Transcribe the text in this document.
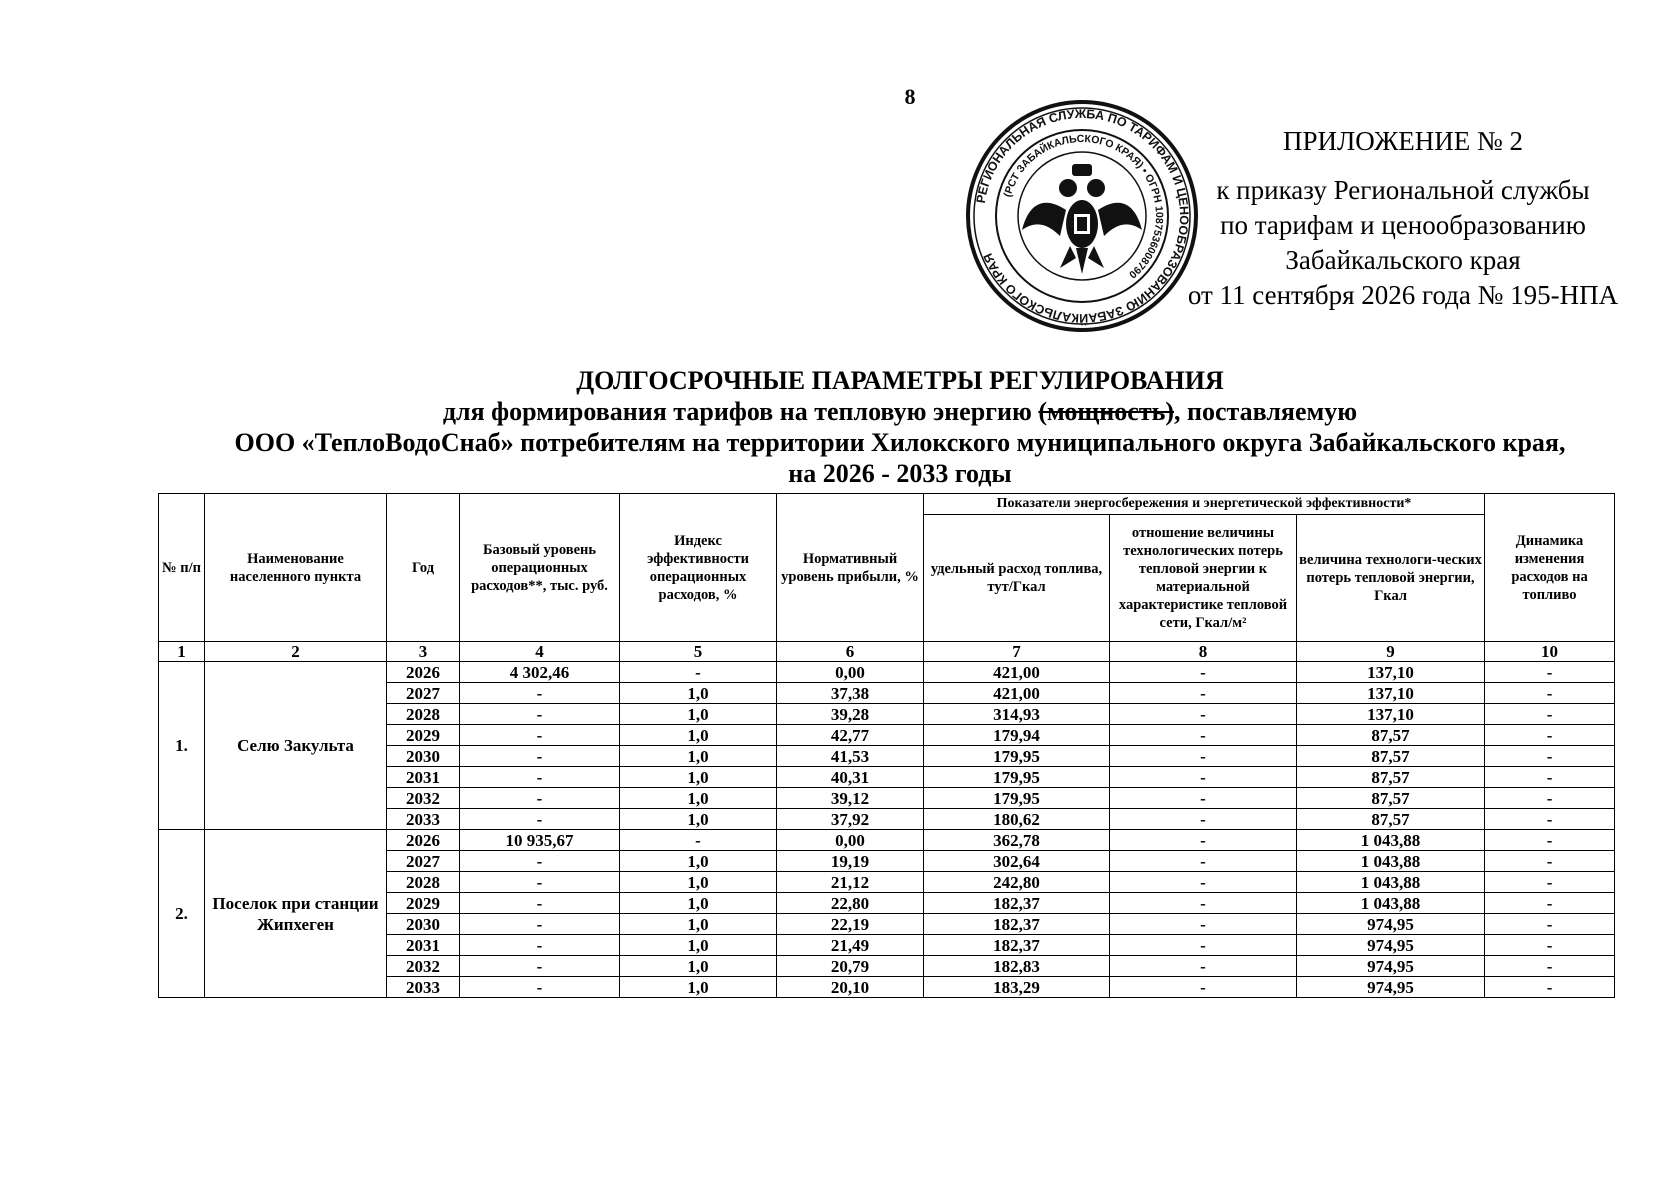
8
РЕГИОНАЛЬНАЯ СЛУЖБА ПО ТАРИФАМ И ЦЕНООБРАЗОВАНИЮ ЗАБАЙКАЛЬСКОГО КРАЯ
(РСТ ЗАБАЙКАЛЬСКОГО КРАЯ) • ОГРН 1087536008790
ПРИЛОЖЕНИЕ № 2
к приказу Региональной службы
по тарифам и ценообразованию
Забайкальского края
от 11 сентября 2026 года № 195-НПА
ДОЛГОСРОЧНЫЕ ПАРАМЕТРЫ РЕГУЛИРОВАНИЯ
для формирования тарифов на тепловую энергию (мощность), поставляемую
ООО «ТеплоВодоСнаб» потребителям на территории Хилокского муниципального округа Забайкальского края,
на 2026 - 2033 годы
№ п/п	Наименование населенного пункта	Год	Базовый уровень операционных расходов**, тыс. руб.	Индекс эффективности операционных расходов, %	Нормативный уровень прибыли, %	Показатели энергосбережения и энергетической эффективности*			Динамика изменения расходов на топливо
						удельный расход топлива, тут/Гкал	отношение величины технологических потерь тепловой энергии к материальной характеристике тепловой сети, Гкал/м²	величина технологи-ческих потерь тепловой энергии, Гкал	
1	2	3	4	5	6	7	8	9	10
1.	Селю Закульта	2026	4 302,46	-	0,00	421,00	-	137,10	-
		2027	-	1,0	37,38	421,00	-	137,10	-
		2028	-	1,0	39,28	314,93	-	137,10	-
		2029	-	1,0	42,77	179,94	-	87,57	-
		2030	-	1,0	41,53	179,95	-	87,57	-
		2031	-	1,0	40,31	179,95	-	87,57	-
		2032	-	1,0	39,12	179,95	-	87,57	-
		2033	-	1,0	37,92	180,62	-	87,57	-
2.	Поселок при станции Жипхеген	2026	10 935,67	-	0,00	362,78	-	1 043,88	-
		2027	-	1,0	19,19	302,64	-	1 043,88	-
		2028	-	1,0	21,12	242,80	-	1 043,88	-
		2029	-	1,0	22,80	182,37	-	1 043,88	-
		2030	-	1,0	22,19	182,37	-	974,95	-
		2031	-	1,0	21,49	182,37	-	974,95	-
		2032	-	1,0	20,79	182,83	-	974,95	-
		2033	-	1,0	20,10	183,29	-	974,95	-
